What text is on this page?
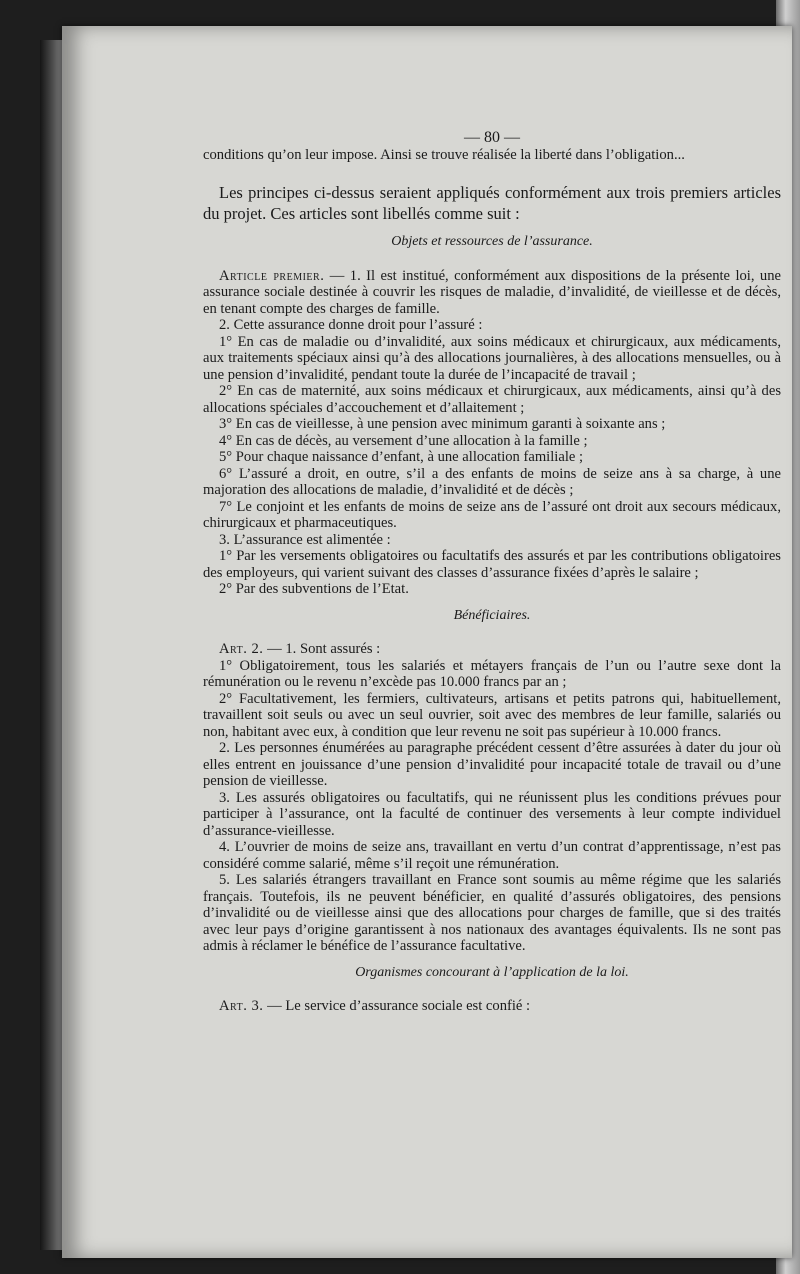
— 80 —

conditions qu’on leur impose. Ainsi se trouve réalisée la liberté dans l’obligation...

Les principes ci-dessus seraient appliqués conformément aux trois premiers articles du projet. Ces articles sont libellés comme suit :

Objets et ressources de l’assurance.

Article premier. — 1. Il est institué, conformément aux dispositions de la présente loi, une assurance sociale destinée à couvrir les risques de maladie, d’invalidité, de vieillesse et de décès, en tenant compte des charges de famille.

2. Cette assurance donne droit pour l’assuré :

1° En cas de maladie ou d’invalidité, aux soins médicaux et chirurgicaux, aux médicaments, aux traitements spéciaux ainsi qu’à des allocations journalières, à des allocations mensuelles, ou à une pension d’invalidité, pendant toute la durée de l’incapacité de travail ;

2° En cas de maternité, aux soins médicaux et chirurgicaux, aux médicaments, ainsi qu’à des allocations spéciales d’accouchement et d’allaitement ;

3° En cas de vieillesse, à une pension avec minimum garanti à soixante ans ;

4° En cas de décès, au versement d’une allocation à la famille ;

5° Pour chaque naissance d’enfant, à une allocation familiale ;

6° L’assuré a droit, en outre, s’il a des enfants de moins de seize ans à sa charge, à une majoration des allocations de maladie, d’invalidité et de décès ;

7° Le conjoint et les enfants de moins de seize ans de l’assuré ont droit aux secours médicaux, chirurgicaux et pharmaceutiques.

3. L’assurance est alimentée :

1° Par les versements obligatoires ou facultatifs des assurés et par les contributions obligatoires des employeurs, qui varient suivant des classes d’assurance fixées d’après le salaire ;

2° Par des subventions de l’Etat.

Bénéficiaires.

Art. 2. — 1. Sont assurés :

1° Obligatoirement, tous les salariés et métayers français de l’un ou l’autre sexe dont la rémunération ou le revenu n’excède pas 10.000 francs par an ;

2° Facultativement, les fermiers, cultivateurs, artisans et petits patrons qui, habituellement, travaillent soit seuls ou avec un seul ouvrier, soit avec des membres de leur famille, salariés ou non, habitant avec eux, à condition que leur revenu ne soit pas supérieur à 10.000 francs.

2. Les personnes énumérées au paragraphe précédent cessent d’être assurées à dater du jour où elles entrent en jouissance d’une pension d’invalidité pour incapacité totale de travail ou d’une pension de vieillesse.

3. Les assurés obligatoires ou facultatifs, qui ne réunissent plus les conditions prévues pour participer à l’assurance, ont la faculté de continuer des versements à leur compte individuel d’assurance-vieillesse.

4. L’ouvrier de moins de seize ans, travaillant en vertu d’un contrat d’apprentissage, n’est pas considéré comme salarié, même s’il reçoit une rémunération.

5. Les salariés étrangers travaillant en France sont soumis au même régime que les salariés français. Toutefois, ils ne peuvent bénéficier, en qualité d’assurés obligatoires, des pensions d’invalidité ou de vieillesse ainsi que des allocations pour charges de famille, que si des traités avec leur pays d’origine garantissent à nos nationaux des avantages équivalents. Ils ne sont pas admis à réclamer le bénéfice de l’assurance facultative.

Organismes concourant à l’application de la loi.

Art. 3. — Le service d’assurance sociale est confié :
